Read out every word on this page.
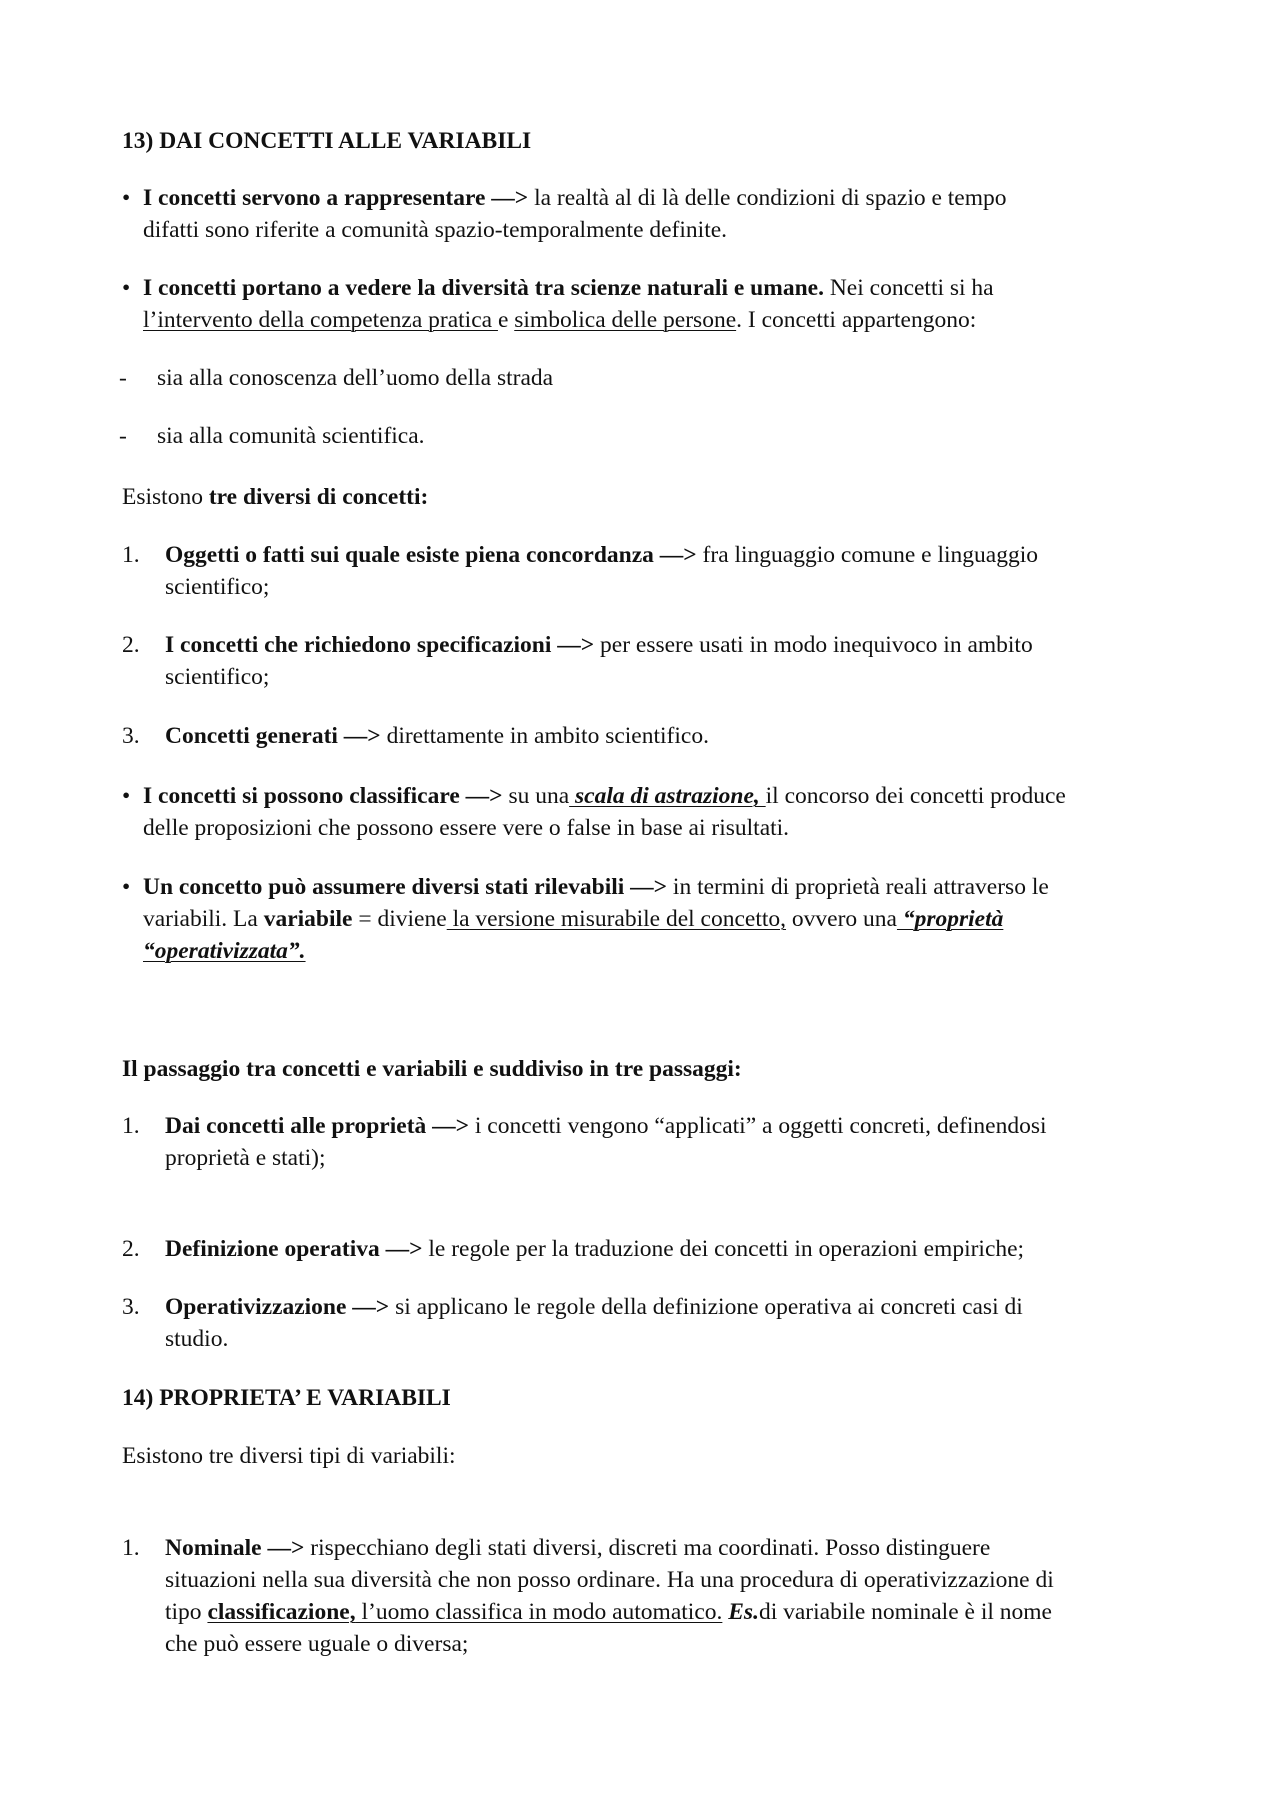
13) DAI CONCETTI ALLE VARIABILI
• I concetti servono a rappresentare —> la realtà al di là delle condizioni di spazio e tempo
difatti sono riferite a comunità spazio-temporalmente definite.
• I concetti portano a vedere la diversità tra scienze naturali e umane. Nei concetti si ha
l’intervento della competenza pratica e simbolica delle persone. I concetti appartengono:
- sia alla conoscenza dell’uomo della strada
- sia alla comunità scientifica.
Esistono tre diversi di concetti:
1. Oggetti o fatti sui quale esiste piena concordanza —> fra linguaggio comune e linguaggio
scientifico;
2. I concetti che richiedono specificazioni —> per essere usati in modo inequivoco in ambito
scientifico;
3. Concetti generati —> direttamente in ambito scientifico.
• I concetti si possono classificare —> su una scala di astrazione, il concorso dei concetti produce
delle proposizioni che possono essere vere o false in base ai risultati.
• Un concetto può assumere diversi stati rilevabili —> in termini di proprietà reali attraverso le
variabili. La variabile = diviene la versione misurabile del concetto, ovvero una “proprietà
“operativizzata”.
Il passaggio tra concetti e variabili e suddiviso in tre passaggi:
1. Dai concetti alle proprietà —> i concetti vengono “applicati” a oggetti concreti, definendosi
proprietà e stati);
2. Definizione operativa —> le regole per la traduzione dei concetti in operazioni empiriche;
3. Operativizzazione —> si applicano le regole della definizione operativa ai concreti casi di
studio.
14) PROPRIETA’ E VARIABILI
Esistono tre diversi tipi di variabili:
1. Nominale —> rispecchiano degli stati diversi, discreti ma coordinati. Posso distinguere
situazioni nella sua diversità che non posso ordinare. Ha una procedura di operativizzazione di
tipo classificazione, l’uomo classifica in modo automatico. Es.di variabile nominale è il nome
che può essere uguale o diversa;
